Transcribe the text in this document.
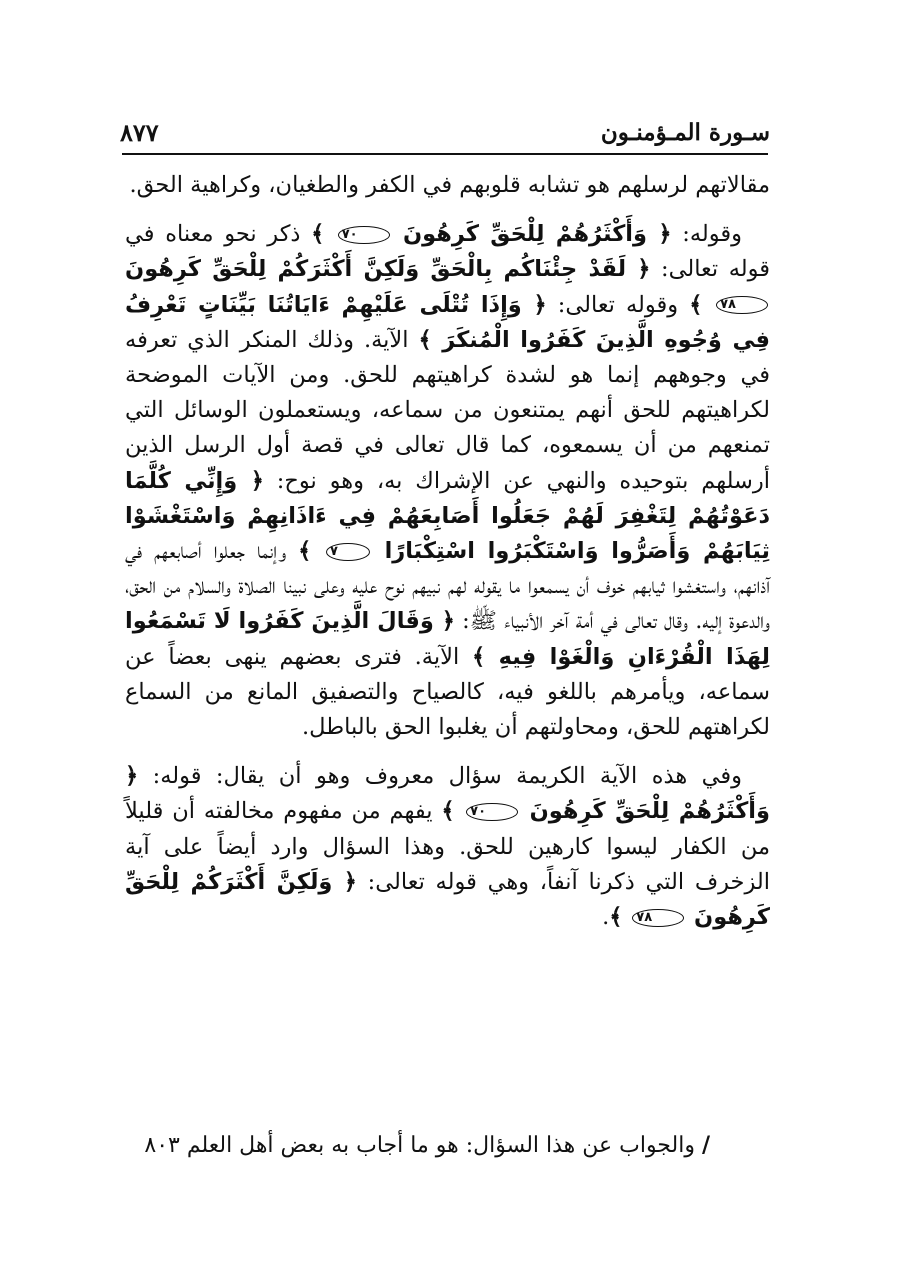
سـورة المـؤمنـون
٨٧٧

مقالاتهم لرسلهم هو تشابه قلوبهم في الكفر والطغيان، وكراهية الحق.

وقوله: ﴿ وَأَكْثَرُهُمْ لِلْحَقِّ كَرِهُونَ ٧٠ ﴾ ذكر نحو معناه في قوله تعالى: ﴿ لَقَدْ جِئْنَاكُم بِالْحَقِّ وَلَكِنَّ أَكْثَرَكُمْ لِلْحَقِّ كَرِهُونَ ٧٨ ﴾ وقوله تعالى: ﴿ وَإِذَا تُتْلَى عَلَيْهِمْ ءَايَاتُنَا بَيِّنَاتٍ تَعْرِفُ فِي وُجُوهِ الَّذِينَ كَفَرُوا الْمُنكَرَ ﴾ الآية. وذلك المنكر الذي تعرفه في وجوههم إنما هو لشدة كراهيتهم للحق. ومن الآيات الموضحة لكراهيتهم للحق أنهم يمتنعون من سماعه، ويستعملون الوسائل التي تمنعهم من أن يسمعوه، كما قال تعالى في قصة أول الرسل الذين أرسلهم بتوحيده والنهي عن الإشراك به، وهو نوح: ﴿ وَإِنِّي كُلَّمَا دَعَوْتُهُمْ لِتَغْفِرَ لَهُمْ جَعَلُوا أَصَابِعَهُمْ فِي ءَاذَانِهِمْ وَاسْتَغْشَوْا ثِيَابَهُمْ وَأَصَرُّوا وَاسْتَكْبَرُوا اسْتِكْبَارًا ٧ ﴾ وإنما جعلوا أصابعهم في آذانهم، واستغشوا ثيابهم خوف أن يسمعوا ما يقوله لهم نبيهم نوح عليه وعلى نبينا الصلاة والسلام من الحق، والدعوة إليه. وقال تعالى في أمة آخر الأنبياء ﷺ: ﴿ وَقَالَ الَّذِينَ كَفَرُوا لَا تَسْمَعُوا لِهَذَا الْقُرْءَانِ وَالْغَوْا فِيهِ ﴾ الآية. فترى بعضهم ينهى بعضاً عن سماعه، ويأمرهم باللغو فيه، كالصياح والتصفيق المانع من السماع لكراهتهم للحق، ومحاولتهم أن يغلبوا الحق بالباطل.

وفي هذه الآية الكريمة سؤال معروف وهو أن يقال: قوله: ﴿ وَأَكْثَرُهُمْ لِلْحَقِّ كَرِهُونَ ٧٠ ﴾ يفهم من مفهوم مخالفته أن قليلاً من الكفار ليسوا كارهين للحق. وهذا السؤال وارد أيضاً على آية الزخرف التي ذكرنا آنفاً، وهي قوله تعالى: ﴿ وَلَكِنَّ أَكْثَرَكُمْ لِلْحَقِّ كَرِهُونَ ٧٨ ﴾.

/ والجواب عن هذا السؤال: هو ما أجاب به بعض أهل العلم ٨٠٣
